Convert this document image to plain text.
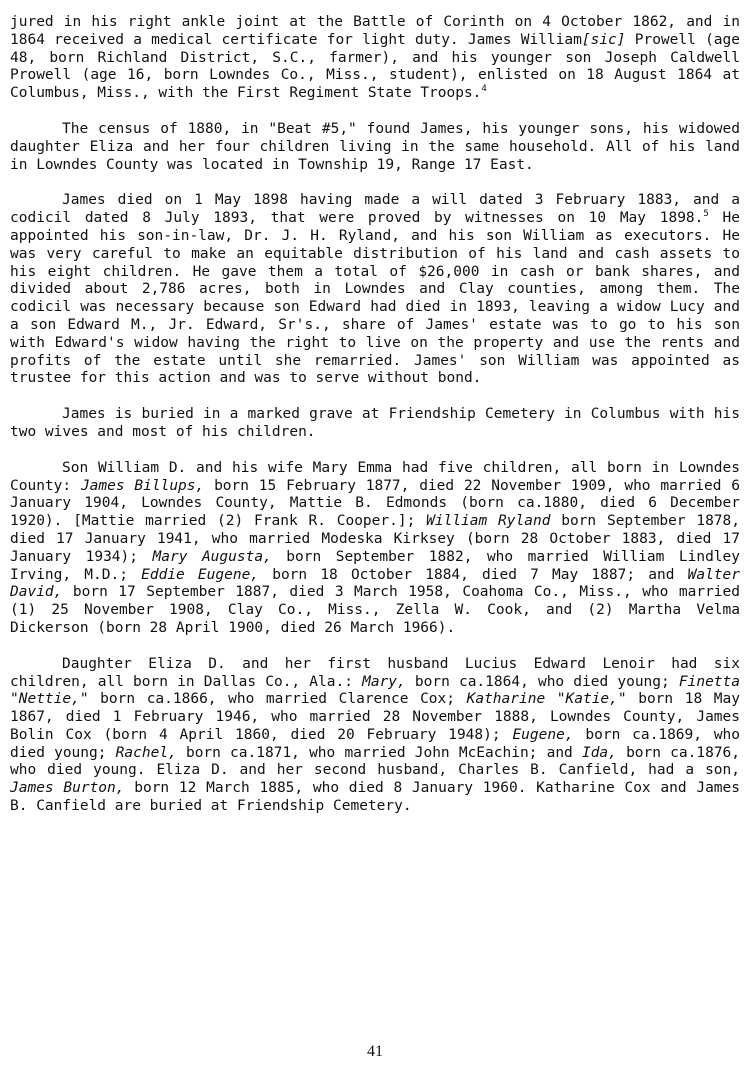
jured in his right ankle joint at the Battle of Corinth on 4 October 1862, and in 1864 received a medical certificate for light duty. James William[sic] Prowell (age 48, born Richland District, S.C., farmer), and his younger son Joseph Caldwell Prowell (age 16, born Lowndes Co., Miss., student), enlisted on 18 August 1864 at Columbus, Miss., with the First Regiment State Troops.$^4$

The census of 1880, in "Beat #5," found James, his younger sons, his widowed daughter Eliza and her four children living in the same household. All of his land in Lowndes County was located in Township 19, Range 17 East.

James died on 1 May 1898 having made a will dated 3 February 1883, and a codicil dated 8 July 1893, that were proved by witnesses on 10 May 1898.$^5$ He appointed his son-in-law, Dr. J. H. Ryland, and his son William as executors. He was very careful to make an equitable distribution of his land and cash assets to his eight children. He gave them a total of $26,000 in cash or bank shares, and divided about 2,786 acres, both in Lowndes and Clay counties, among them. The codicil was necessary because son Edward had died in 1893, leaving a widow Lucy and a son Edward M., Jr. Edward, Sr's., share of James' estate was to go to his son with Edward's widow having the right to live on the property and use the rents and profits of the estate until she remarried. James' son William was appointed as trustee for this action and was to serve without bond.

James is buried in a marked grave at Friendship Cemetery in Columbus with his two wives and most of his children.

Son William D. and his wife Mary Emma had five children, all born in Lowndes County: James Billups, born 15 February 1877, died 22 November 1909, who married 6 January 1904, Lowndes County, Mattie B. Edmonds (born ca.1880, died 6 December 1920). [Mattie married (2) Frank R. Cooper.]; William Ryland born September 1878, died 17 January 1941, who married Modeska Kirksey (born 28 October 1883, died 17 January 1934); Mary Augusta, born September 1882, who married William Lindley Irving, M.D.; Eddie Eugene, born 18 October 1884, died 7 May 1887; and Walter David, born 17 September 1887, died 3 March 1958, Coahoma Co., Miss., who married (1) 25 November 1908, Clay Co., Miss., Zella W. Cook, and (2) Martha Velma Dickerson (born 28 April 1900, died 26 March 1966).

Daughter Eliza D. and her first husband Lucius Edward Lenoir had six children, all born in Dallas Co., Ala.: Mary, born ca.1864, who died young; Finetta "Nettie," born ca.1866, who married Clarence Cox; Katharine "Katie," born 18 May 1867, died 1 February 1946, who married 28 November 1888, Lowndes County, James Bolin Cox (born 4 April 1860, died 20 February 1948); Eugene, born ca.1869, who died young; Rachel, born ca.1871, who married John McEachin; and Ida, born ca.1876, who died young. Eliza D. and her second husband, Charles B. Canfield, had a son, James Burton, born 12 March 1885, who died 8 January 1960. Katharine Cox and James B. Canfield are buried at Friendship Cemetery.

41
